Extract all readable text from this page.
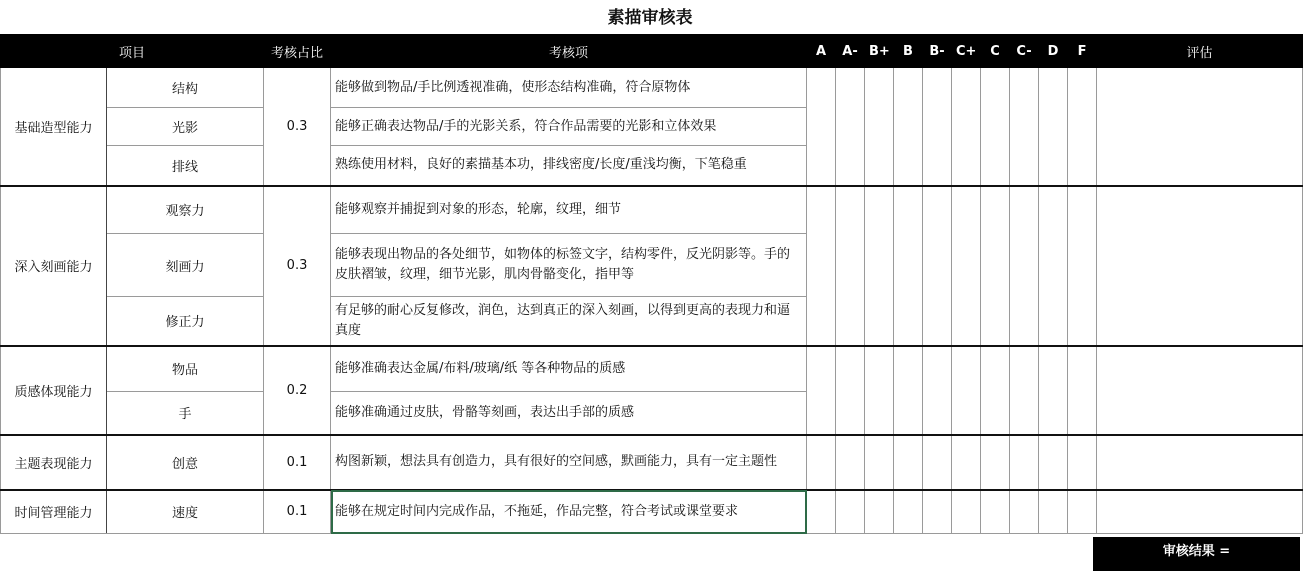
素描审核表
项目		考核占比	考核项	A	A-	B+	B	B-	C+	C	C-	D	F	评估
基础造型能力	结构	0.3	能够做到物品/手比例透视准确，使形态结构准确，符合原物体											
	光影		能够正确表达物品/手的光影关系，符合作品需要的光影和立体效果											
	排线		熟练使用材料，良好的素描基本功，排线密度/长度/重浅均衡，下笔稳重											
深入刻画能力	观察力	0.3	能够观察并捕捉到对象的形态，轮廓，纹理，细节											
	刻画力		能够表现出物品的各处细节，如物体的标签文字，结构零件，反光阴影等。手的皮肤褶皱，纹理，细节光影，肌肉骨骼变化，指甲等											
	修正力		有足够的耐心反复修改，润色，达到真正的深入刻画，以得到更高的表现力和逼真度											
质感体现能力	物品	0.2	能够准确表达金属/布料/玻璃/纸 等各种物品的质感											
	手		能够准确通过皮肤，骨骼等刻画，表达出手部的质感											
主题表现能力	创意	0.1	构图新颖，想法具有创造力，具有很好的空间感，默画能力，具有一定主题性											
时间管理能力	速度	0.1	能够在规定时间内完成作品，不拖延，作品完整，符合考试或课堂要求											
审核结果 =
